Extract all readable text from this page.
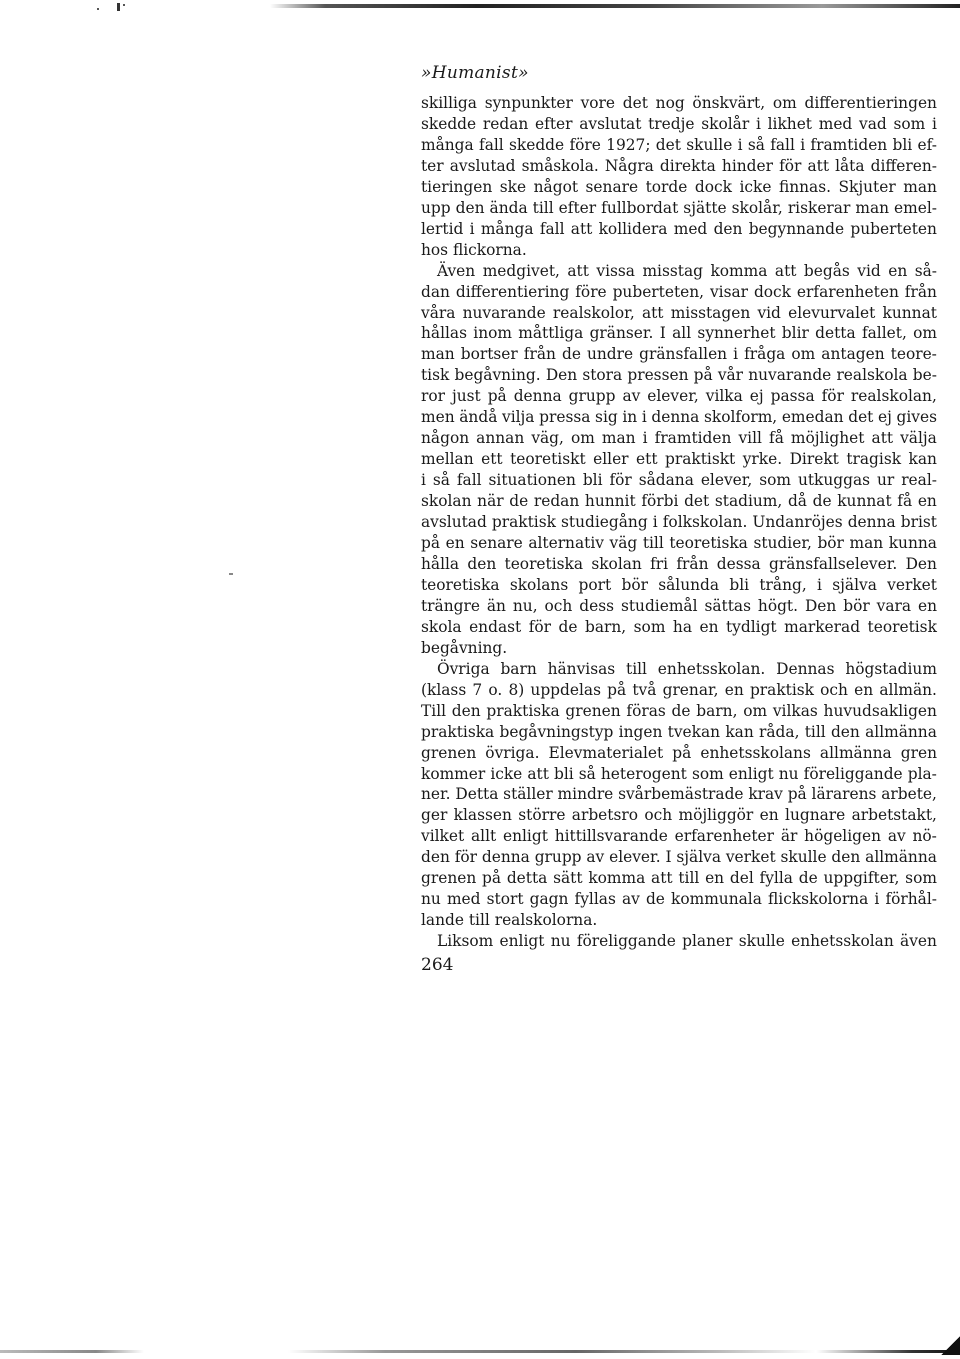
»Humanist»
skilliga synpunkter vore det nog önskvärt, om differentieringen
skedde redan efter avslutat tredje skolår i likhet med vad som i
många fall skedde före 1927; det skulle i så fall i framtiden bli ef-
ter avslutad småskola. Några direkta hinder för att låta differen-
tieringen ske något senare torde dock icke finnas. Skjuter man
upp den ända till efter fullbordat sjätte skolår, riskerar man emel-
lertid i många fall att kollidera med den begynnande puberteten
hos flickorna.
Även medgivet, att vissa misstag komma att begås vid en så-
dan differentiering före puberteten, visar dock erfarenheten från
våra nuvarande realskolor, att misstagen vid elevurvalet kunnat
hållas inom måttliga gränser. I all synnerhet blir detta fallet, om
man bortser från de undre gränsfallen i fråga om antagen teore-
tisk begåvning. Den stora pressen på vår nuvarande realskola be-
ror just på denna grupp av elever, vilka ej passa för realskolan,
men ändå vilja pressa sig in i denna skolform, emedan det ej gives
någon annan väg, om man i framtiden vill få möjlighet att välja
mellan ett teoretiskt eller ett praktiskt yrke. Direkt tragisk kan
i så fall situationen bli för sådana elever, som utkuggas ur real-
skolan när de redan hunnit förbi det stadium, då de kunnat få en
avslutad praktisk studiegång i folkskolan. Undanröjes denna brist
på en senare alternativ väg till teoretiska studier, bör man kunna
hålla den teoretiska skolan fri från dessa gränsfallselever. Den
teoretiska skolans port bör sålunda bli trång, i själva verket
trängre än nu, och dess studiemål sättas högt. Den bör vara en
skola endast för de barn, som ha en tydligt markerad teoretisk
begåvning.
Övriga barn hänvisas till enhetsskolan. Dennas högstadium
(klass 7 o. 8) uppdelas på två grenar, en praktisk och en allmän.
Till den praktiska grenen föras de barn, om vilkas huvudsakligen
praktiska begåvningstyp ingen tvekan kan råda, till den allmänna
grenen övriga. Elevmaterialet på enhetsskolans allmänna gren
kommer icke att bli så heterogent som enligt nu föreliggande pla-
ner. Detta ställer mindre svårbemästrade krav på lärarens arbete,
ger klassen större arbetsro och möjliggör en lugnare arbetstakt,
vilket allt enligt hittillsvarande erfarenheter är högeligen av nö-
den för denna grupp av elever. I själva verket skulle den allmänna
grenen på detta sätt komma att till en del fylla de uppgifter, som
nu med stort gagn fyllas av de kommunala flickskolorna i förhål-
lande till realskolorna.
Liksom enligt nu föreliggande planer skulle enhetsskolan även
264
